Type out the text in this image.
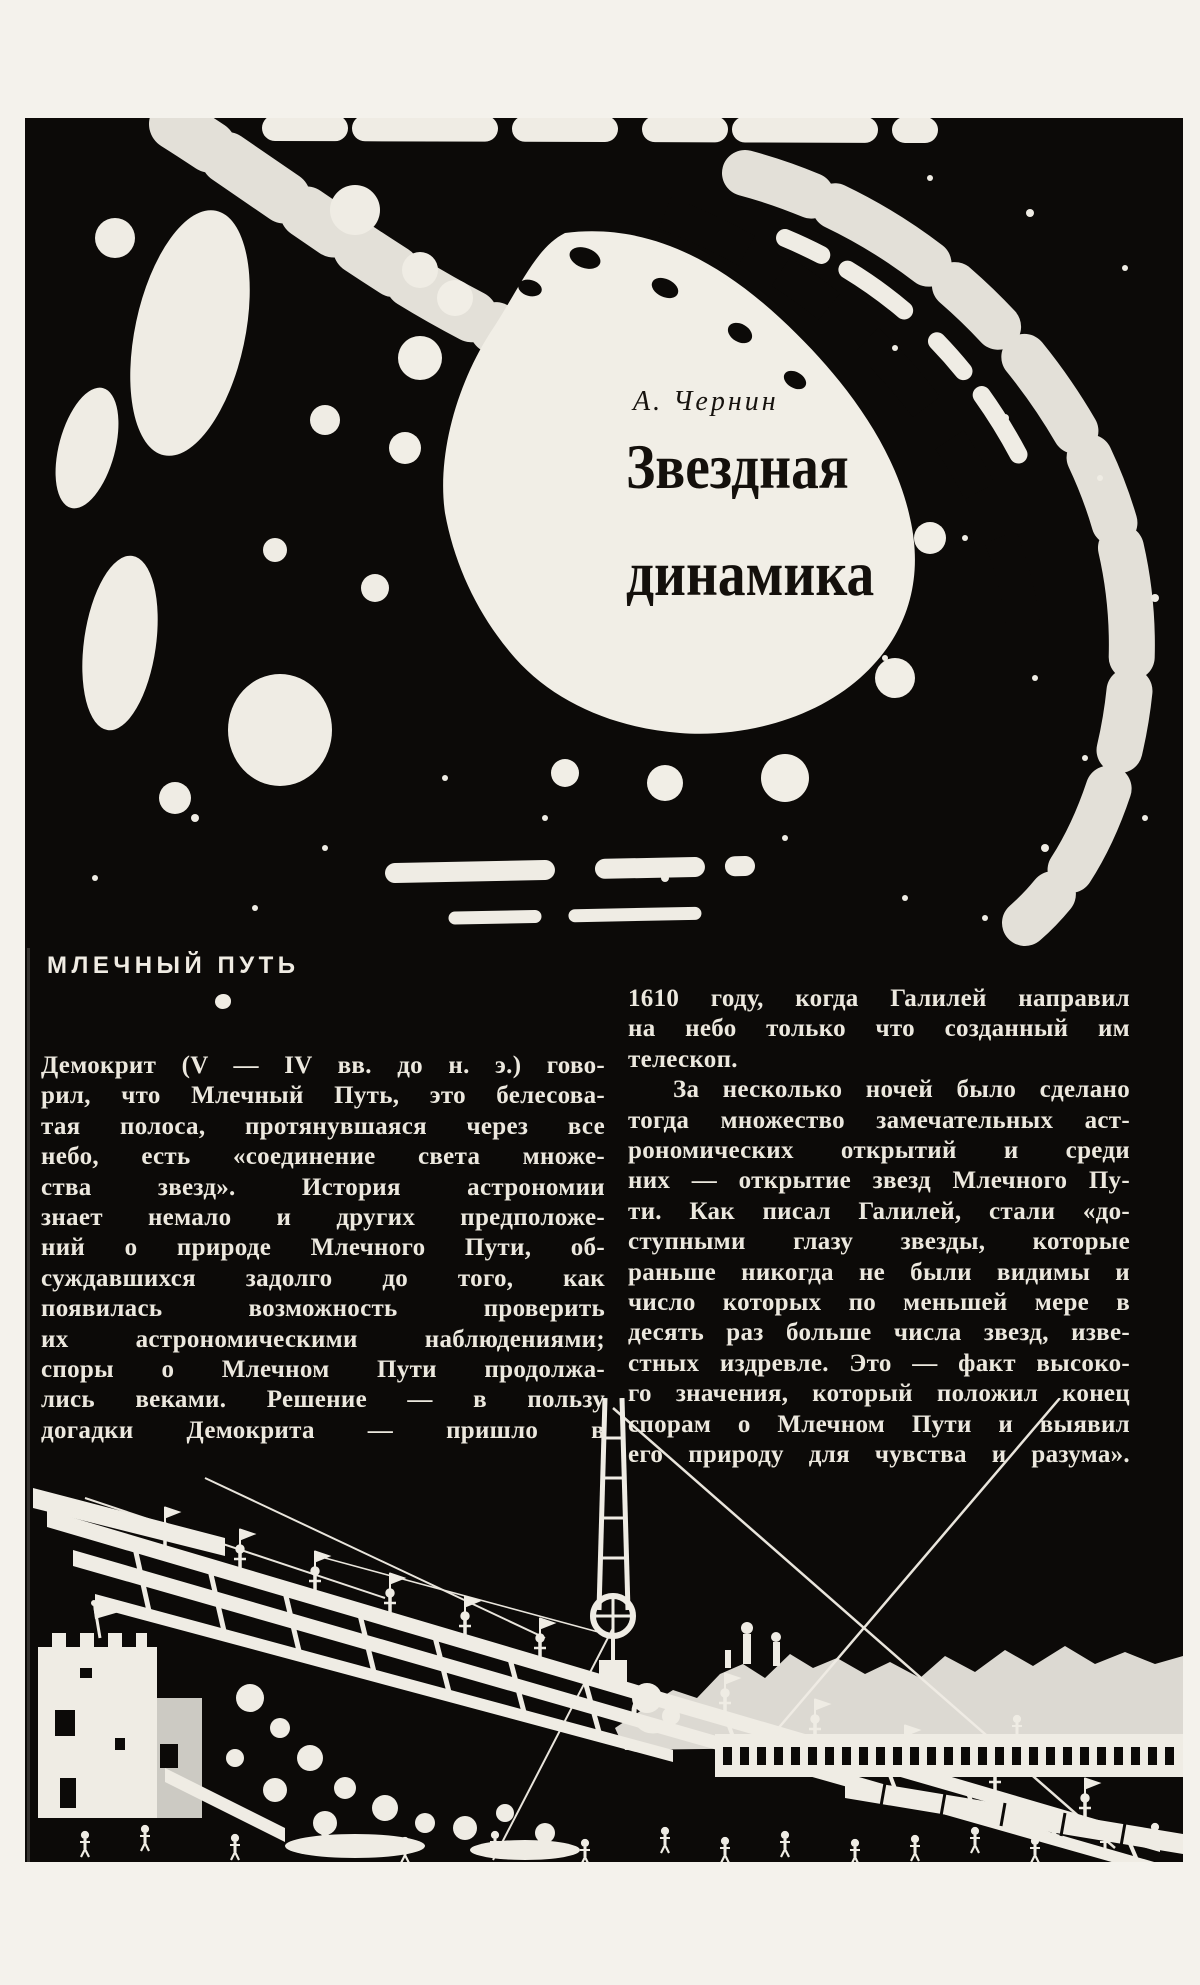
А. Чернин
Звездная
динамика
МЛЕЧНЫЙ ПУТЬ
Демокрит (V — IV вв. до н. э.) гово-
рил, что Млечный Путь, это белесова-
тая полоса, протянувшаяся через все
небо, есть «соединение света множе-
ства звезд». История астрономии
знает немало и других предположе-
ний о природе Млечного Пути, об-
суждавшихся задолго до того, как
появилась возможность проверить
их астрономическими наблюдениями;
споры о Млечном Пути продолжа-
лись веками. Решение — в пользу
догадки Демокрита — пришло в
1610 году, когда Галилей направил
на небо только что созданный им
телескоп.
За несколько ночей было сделано
тогда множество замечательных аст-
рономических открытий и среди
них — открытие звезд Млечного Пу-
ти. Как писал Галилей, стали «до-
ступными глазу звезды, которые
раньше никогда не были видимы и
число которых по меньшей мере в
десять раз больше числа звезд, изве-
стных издревле. Это — факт высоко-
го значения, который положил конец
спорам о Млечном Пути и выявил
его природу для чувства и разума».
